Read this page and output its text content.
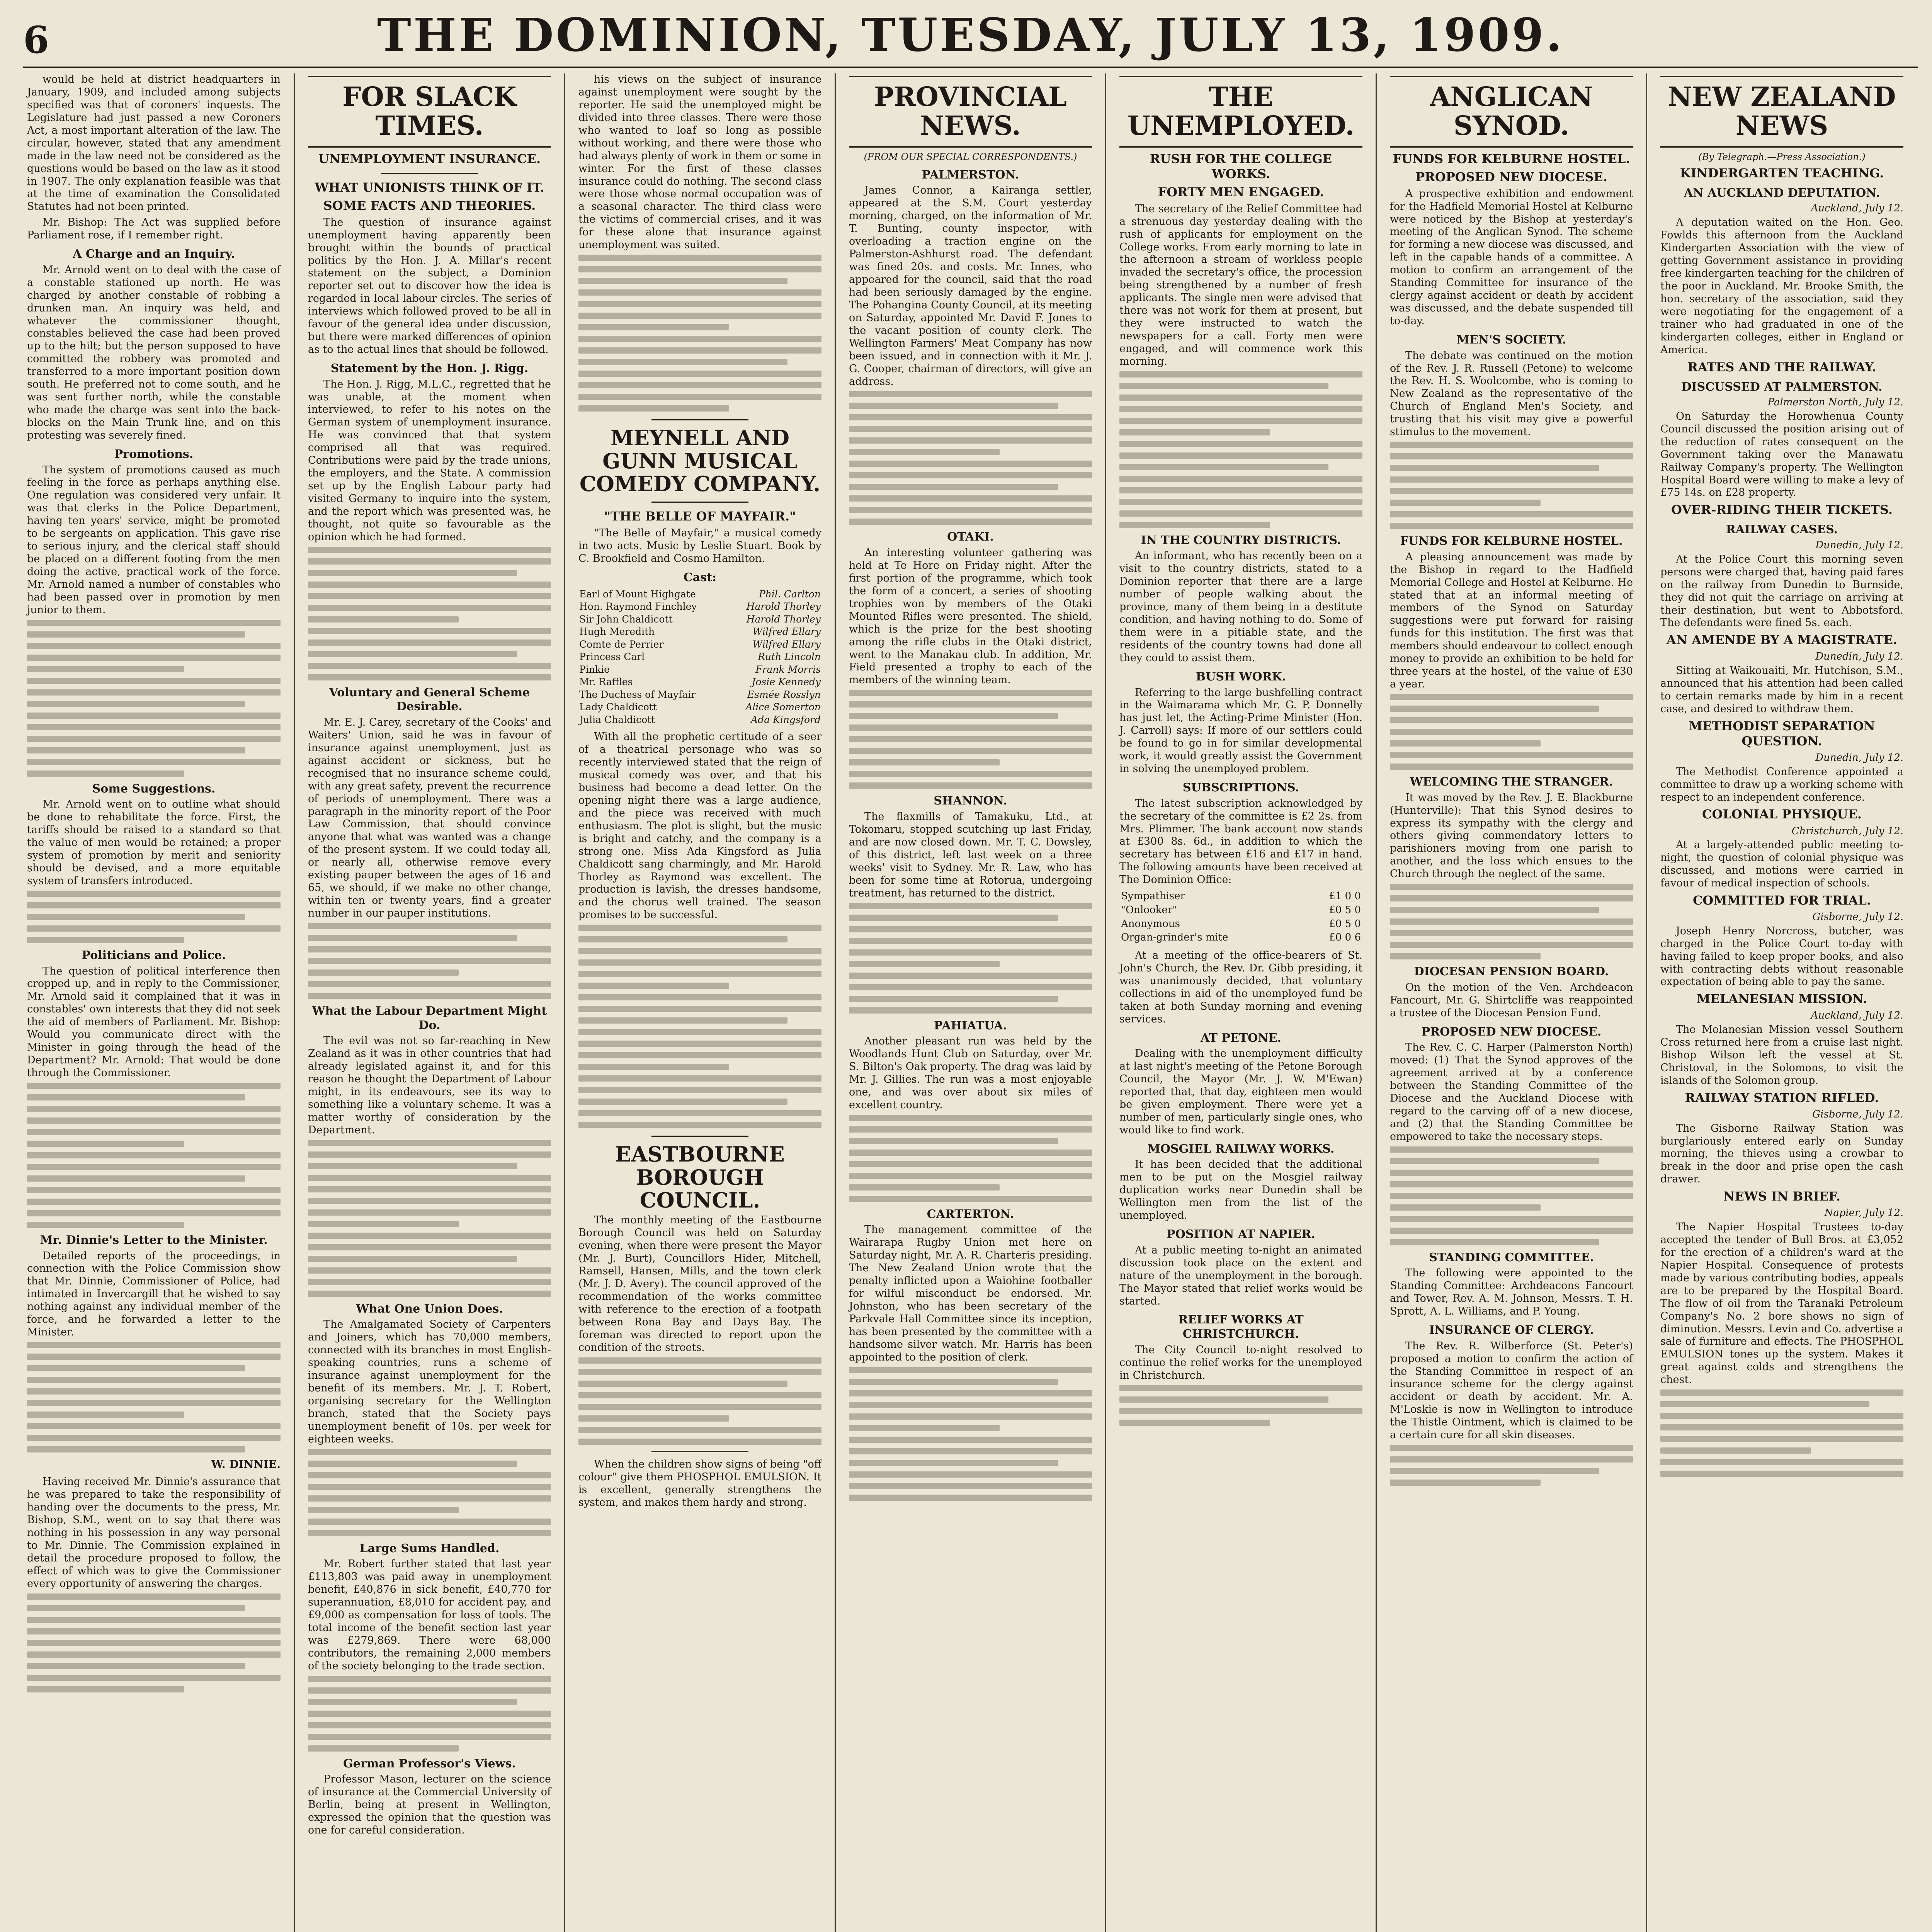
6	THE DOMINION, TUESDAY, JULY 13, 1909.

would be held at district headquarters in January, 1909, and included among subjects specified was that of coroners' inquests. The Legislature had just passed a new Coroners Act, a most important alteration of the law. The circular, however, stated that any amendment made in the law need not be considered as the questions would be based on the law as it stood in 1907. The only explanation feasible was that at the time of examination the Consolidated Statutes had not been printed.

Mr. Bishop: The Act was supplied before Parliament rose, if I remember right.

A Charge and an Inquiry.

Mr. Arnold went on to deal with the case of a constable stationed up north. He was charged by another constable of robbing a drunken man. An inquiry was held, and whatever the commissioner thought, constables believed the case had been proved up to the hilt; but the person supposed to have committed the robbery was promoted and transferred to a more important position down south. He preferred not to come south, and he was sent further north, while the constable who made the charge was sent into the back-blocks on the Main Trunk line, and on this protesting was severely fined.

Promotions.

The system of promotions caused as much feeling in the force as perhaps anything else. One regulation was considered very unfair. It was that clerks in the Police Department, having ten years' service, might be promoted to be sergeants on application. This gave rise to serious injury, and the clerical staff should be placed on a different footing from the men doing the active, practical work of the force. Mr. Arnold named a number of constables who had been passed over in promotion by men junior to them.

Some Suggestions.

Mr. Arnold went on to outline what should be done to rehabilitate the force. First, the tariffs should be raised to a standard so that the value of men would be retained; a proper system of promotion by merit and seniority should be devised, and a more equitable system of transfers introduced.

Politicians and Police.

The question of political interference then cropped up, and in reply to the Commissioner, Mr. Arnold said it complained that it was in constables' own interests that they did not seek the aid of members of Parliament. Mr. Bishop: Would you communicate direct with the Minister in going through the head of the Department? Mr. Arnold: That would be done through the Commissioner.

Mr. Dinnie's Letter to the Minister.

Detailed reports of the proceedings, in connection with the Police Commission show that Mr. Dinnie, Commissioner of Police, had intimated in Invercargill that he wished to say nothing against any individual member of the force, and he forwarded a letter to the Minister.

W. DINNIE.

Having received Mr. Dinnie's assurance that he was prepared to take the responsibility of handing over the documents to the press, Mr. Bishop, S.M., went on to say that there was nothing in his possession in any way personal to Mr. Dinnie. The Commission explained in detail the procedure proposed to follow, the effect of which was to give the Commissioner every opportunity of answering the charges.

FOR SLACK TIMES.
UNEMPLOYMENT INSURANCE.
WHAT UNIONISTS THINK OF IT.
SOME FACTS AND THEORIES.

The question of insurance against unemployment having apparently been brought within the bounds of practical politics by the Hon. J. A. Millar's recent statement on the subject, a Dominion reporter set out to discover how the idea is regarded in local labour circles. The series of interviews which followed proved to be all in favour of the general idea under discussion, but there were marked differences of opinion as to the actual lines that should be followed.

Statement by the Hon. J. Rigg.

The Hon. J. Rigg, M.L.C., regretted that he was unable, at the moment when interviewed, to refer to his notes on the German system of unemployment insurance. He was convinced that that system comprised all that was required. Contributions were paid by the trade unions, the employers, and the State. A commission set up by the English Labour party had visited Germany to inquire into the system, and the report which was presented was, he thought, not quite so favourable as the opinion which he had formed.

Voluntary and General Scheme Desirable.

Mr. E. J. Carey, secretary of the Cooks' and Waiters' Union, said he was in favour of insurance against unemployment, just as against accident or sickness, but he recognised that no insurance scheme could, with any great safety, prevent the recurrence of periods of unemployment. There was a paragraph in the minority report of the Poor Law Commission, that should convince anyone that what was wanted was a change of the present system. If we could today all, or nearly all, otherwise remove every existing pauper between the ages of 16 and 65, we should, if we make no other change, within ten or twenty years, find a greater number in our pauper institutions.

What the Labour Department Might Do.

The evil was not so far-reaching in New Zealand as it was in other countries that had already legislated against it, and for this reason he thought the Department of Labour might, in its endeavours, see its way to something like a voluntary scheme. It was a matter worthy of consideration by the Department.

What One Union Does.

The Amalgamated Society of Carpenters and Joiners, which has 70,000 members, connected with its branches in most English-speaking countries, runs a scheme of insurance against unemployment for the benefit of its members. Mr. J. T. Robert, organising secretary for the Wellington branch, stated that the Society pays unemployment benefit of 10s. per week for eighteen weeks.

Large Sums Handled.

Mr. Robert further stated that last year £113,803 was paid away in unemployment benefit, £40,876 in sick benefit, £40,770 for superannuation, £8,010 for accident pay, and £9,000 as compensation for loss of tools. The total income of the benefit section last year was £279,869. There were 68,000 contributors, the remaining 2,000 members of the society belonging to the trade section.

German Professor's Views.

Professor Mason, lecturer on the science of insurance at the Commercial University of Berlin, being at present in Wellington, expressed the opinion that the question was one for careful consideration.

his views on the subject of insurance against unemployment were sought by the reporter. He said the unemployed might be divided into three classes. There were those who wanted to loaf so long as possible without working, and there were those who had always plenty of work in them or some in winter. For the first of these classes insurance could do nothing. The second class were those whose normal occupation was of a seasonal character. The third class were the victims of commercial crises, and it was for these alone that insurance against unemployment was suited.

MEYNELL AND GUNN MUSICAL COMEDY COMPANY.
"THE BELLE OF MAYFAIR."

"The Belle of Mayfair," a musical comedy in two acts. Music by Leslie Stuart. Book by C. Brookfield and Cosmo Hamilton.

Cast:
Earl of Mount Highgate	Phil. Carlton
Hon. Raymond Finchley	Harold Thorley
Sir John Chaldicott	Harold Thorley
Hugh Meredith	Wilfred Ellary
Comte de Perrier	Wilfred Ellary
Princess Carl	Ruth Lincoln
Pinkie	Frank Morris
Mr. Raffles	Josie Kennedy
The Duchess of Mayfair	Esmée Rosslyn
Lady Chaldicott	Alice Somerton
Julia Chaldicott	Ada Kingsford

With all the prophetic certitude of a seer of a theatrical personage who was so recently interviewed stated that the reign of musical comedy was over, and that his business had become a dead letter. On the opening night there was a large audience, and the piece was received with much enthusiasm. The plot is slight, but the music is bright and catchy, and the company is a strong one. Miss Ada Kingsford as Julia Chaldicott sang charmingly, and Mr. Harold Thorley as Raymond was excellent. The production is lavish, the dresses handsome, and the chorus well trained. The season promises to be successful.

EASTBOURNE BOROUGH COUNCIL.

The monthly meeting of the Eastbourne Borough Council was held on Saturday evening, when there were present the Mayor (Mr. J. Burt), Councillors Hider, Mitchell, Ramsell, Hansen, Mills, and the town clerk (Mr. J. D. Avery). The council approved of the recommendation of the works committee with reference to the erection of a footpath between Rona Bay and Days Bay. The foreman was directed to report upon the condition of the streets.

When the children show signs of being "off colour" give them PHOSPHOL EMULSION. It is excellent, generally strengthens the system, and makes them hardy and strong.

PROVINCIAL NEWS.
(FROM OUR SPECIAL CORRESPONDENTS.)
PALMERSTON.

James Connor, a Kairanga settler, appeared at the S.M. Court yesterday morning, charged, on the information of Mr. T. Bunting, county inspector, with overloading a traction engine on the Palmerston-Ashhurst road. The defendant was fined 20s. and costs. Mr. Innes, who appeared for the council, said that the road had been seriously damaged by the engine. The Pohangina County Council, at its meeting on Saturday, appointed Mr. David F. Jones to the vacant position of county clerk. The Wellington Farmers' Meat Company has now been issued, and in connection with it Mr. J. G. Cooper, chairman of directors, will give an address.

OTAKI.

An interesting volunteer gathering was held at Te Hore on Friday night. After the first portion of the programme, which took the form of a concert, a series of shooting trophies won by members of the Otaki Mounted Rifles were presented. The shield, which is the prize for the best shooting among the rifle clubs in the Otaki district, went to the Manakau club. In addition, Mr. Field presented a trophy to each of the members of the winning team.

SHANNON.

The flaxmills of Tamakuku, Ltd., at Tokomaru, stopped scutching up last Friday, and are now closed down. Mr. T. C. Dowsley, of this district, left last week on a three weeks' visit to Sydney. Mr. R. Law, who has been for some time at Rotorua, undergoing treatment, has returned to the district.

PAHIATUA.

Another pleasant run was held by the Woodlands Hunt Club on Saturday, over Mr. S. Bilton's Oak property. The drag was laid by Mr. J. Gillies. The run was a most enjoyable one, and was over about six miles of excellent country.

CARTERTON.

The management committee of the Wairarapa Rugby Union met here on Saturday night, Mr. A. R. Charteris presiding. The New Zealand Union wrote that the penalty inflicted upon a Waiohine footballer for wilful misconduct be endorsed. Mr. Johnston, who has been secretary of the Parkvale Hall Committee since its inception, has been presented by the committee with a handsome silver watch. Mr. Harris has been appointed to the position of clerk.

THE UNEMPLOYED.
RUSH FOR THE COLLEGE WORKS.
FORTY MEN ENGAGED.

The secretary of the Relief Committee had a strenuous day yesterday dealing with the rush of applicants for employment on the College works. From early morning to late in the afternoon a stream of workless people invaded the secretary's office, the procession being strengthened by a number of fresh applicants. The single men were advised that there was not work for them at present, but they were instructed to watch the newspapers for a call. Forty men were engaged, and will commence work this morning.

IN THE COUNTRY DISTRICTS.

An informant, who has recently been on a visit to the country districts, stated to a Dominion reporter that there are a large number of people walking about the province, many of them being in a destitute condition, and having nothing to do. Some of them were in a pitiable state, and the residents of the country towns had done all they could to assist them.

BUSH WORK.

Referring to the large bushfelling contract in the Waimarama which Mr. G. P. Donnelly has just let, the Acting-Prime Minister (Hon. J. Carroll) says: If more of our settlers could be found to go in for similar developmental work, it would greatly assist the Government in solving the unemployed problem.

SUBSCRIPTIONS.

The latest subscription acknowledged by the secretary of the committee is £2 2s. from Mrs. Plimmer. The bank account now stands at £300 8s. 6d., in addition to which the secretary has between £16 and £17 in hand. The following amounts have been received at The Dominion Office:

Sympathiser	£1 0 0
"Onlooker"	£0 5 0
Anonymous	£0 5 0
Organ-grinder's mite	£0 0 6

At a meeting of the office-bearers of St. John's Church, the Rev. Dr. Gibb presiding, it was unanimously decided, that voluntary collections in aid of the unemployed fund be taken at both Sunday morning and evening services.

AT PETONE.

Dealing with the unemployment difficulty at last night's meeting of the Petone Borough Council, the Mayor (Mr. J. W. M'Ewan) reported that, that day, eighteen men would be given employment. There were yet a number of men, particularly single ones, who would like to find work.

MOSGIEL RAILWAY WORKS.

It has been decided that the additional men to be put on the Mosgiel railway duplication works near Dunedin shall be Wellington men from the list of the unemployed.

POSITION AT NAPIER.

At a public meeting to-night an animated discussion took place on the extent and nature of the unemployment in the borough. The Mayor stated that relief works would be started.

RELIEF WORKS AT CHRISTCHURCH.

The City Council to-night resolved to continue the relief works for the unemployed in Christchurch.

ANGLICAN SYNOD.
FUNDS FOR KELBURNE HOSTEL.
PROPOSED NEW DIOCESE.

A prospective exhibition and endowment for the Hadfield Memorial Hostel at Kelburne were noticed by the Bishop at yesterday's meeting of the Anglican Synod. The scheme for forming a new diocese was discussed, and left in the capable hands of a committee. A motion to confirm an arrangement of the Standing Committee for insurance of the clergy against accident or death by accident was discussed, and the debate suspended till to-day.

MEN'S SOCIETY.

The debate was continued on the motion of the Rev. J. R. Russell (Petone) to welcome the Rev. H. S. Woolcombe, who is coming to New Zealand as the representative of the Church of England Men's Society, and trusting that his visit may give a powerful stimulus to the movement.

FUNDS FOR KELBURNE HOSTEL.

A pleasing announcement was made by the Bishop in regard to the Hadfield Memorial College and Hostel at Kelburne. He stated that at an informal meeting of members of the Synod on Saturday suggestions were put forward for raising funds for this institution. The first was that members should endeavour to collect enough money to provide an exhibition to be held for three years at the hostel, of the value of £30 a year.

WELCOMING THE STRANGER.

It was moved by the Rev. J. E. Blackburne (Hunterville): That this Synod desires to express its sympathy with the clergy and others giving commendatory letters to parishioners moving from one parish to another, and the loss which ensues to the Church through the neglect of the same.

DIOCESAN PENSION BOARD.

On the motion of the Ven. Archdeacon Fancourt, Mr. G. Shirtcliffe was reappointed a trustee of the Diocesan Pension Fund.

PROPOSED NEW DIOCESE.

The Rev. C. C. Harper (Palmerston North) moved: (1) That the Synod approves of the agreement arrived at by a conference between the Standing Committee of the Diocese and the Auckland Diocese with regard to the carving off of a new diocese, and (2) that the Standing Committee be empowered to take the necessary steps.

STANDING COMMITTEE.

The following were appointed to the Standing Committee: Archdeacons Fancourt and Tower, Rev. A. M. Johnson, Messrs. T. H. Sprott, A. L. Williams, and P. Young.

INSURANCE OF CLERGY.

The Rev. R. Wilberforce (St. Peter's) proposed a motion to confirm the action of the Standing Committee in respect of an insurance scheme for the clergy against accident or death by accident. Mr. A. M'Loskie is now in Wellington to introduce the Thistle Ointment, which is claimed to be a certain cure for all skin diseases.

NEW ZEALAND NEWS
(By Telegraph.—Press Association.)
KINDERGARTEN TEACHING.
AN AUCKLAND DEPUTATION.
Auckland, July 12.

A deputation waited on the Hon. Geo. Fowlds this afternoon from the Auckland Kindergarten Association with the view of getting Government assistance in providing free kindergarten teaching for the children of the poor in Auckland. Mr. Brooke Smith, the hon. secretary of the association, said they were negotiating for the engagement of a trainer who had graduated in one of the kindergarten colleges, either in England or America.

RATES AND THE RAILWAY.
DISCUSSED AT PALMERSTON.
Palmerston North, July 12.

On Saturday the Horowhenua County Council discussed the position arising out of the reduction of rates consequent on the Government taking over the Manawatu Railway Company's property. The Wellington Hospital Board were willing to make a levy of £75 14s. on £28 property.

OVER-RIDING THEIR TICKETS.
RAILWAY CASES.
Dunedin, July 12.

At the Police Court this morning seven persons were charged that, having paid fares on the railway from Dunedin to Burnside, they did not quit the carriage on arriving at their destination, but went to Abbotsford. The defendants were fined 5s. each.

AN AMENDE BY A MAGISTRATE.
Dunedin, July 12.

Sitting at Waikouaiti, Mr. Hutchison, S.M., announced that his attention had been called to certain remarks made by him in a recent case, and desired to withdraw them.

METHODIST SEPARATION QUESTION.
Dunedin, July 12.

The Methodist Conference appointed a committee to draw up a working scheme with respect to an independent conference.

COLONIAL PHYSIQUE.
Christchurch, July 12.

At a largely-attended public meeting to-night, the question of colonial physique was discussed, and motions were carried in favour of medical inspection of schools.

COMMITTED FOR TRIAL.
Gisborne, July 12.

Joseph Henry Norcross, butcher, was charged in the Police Court to-day with having failed to keep proper books, and also with contracting debts without reasonable expectation of being able to pay the same.

MELANESIAN MISSION.
Auckland, July 12.

The Melanesian Mission vessel Southern Cross returned here from a cruise last night. Bishop Wilson left the vessel at St. Christoval, in the Solomons, to visit the islands of the Solomon group.

RAILWAY STATION RIFLED.
Gisborne, July 12.

The Gisborne Railway Station was burglariously entered early on Sunday morning, the thieves using a crowbar to break in the door and prise open the cash drawer.

NEWS IN BRIEF.
Napier, July 12.

The Napier Hospital Trustees to-day accepted the tender of Bull Bros. at £3,052 for the erection of a children's ward at the Napier Hospital. Consequence of protests made by various contributing bodies, appeals are to be prepared by the Hospital Board. The flow of oil from the Taranaki Petroleum Company's No. 2 bore shows no sign of diminution. Messrs. Levin and Co. advertise a sale of furniture and effects. The PHOSPHOL EMULSION tones up the system. Makes it great against colds and strengthens the chest.
